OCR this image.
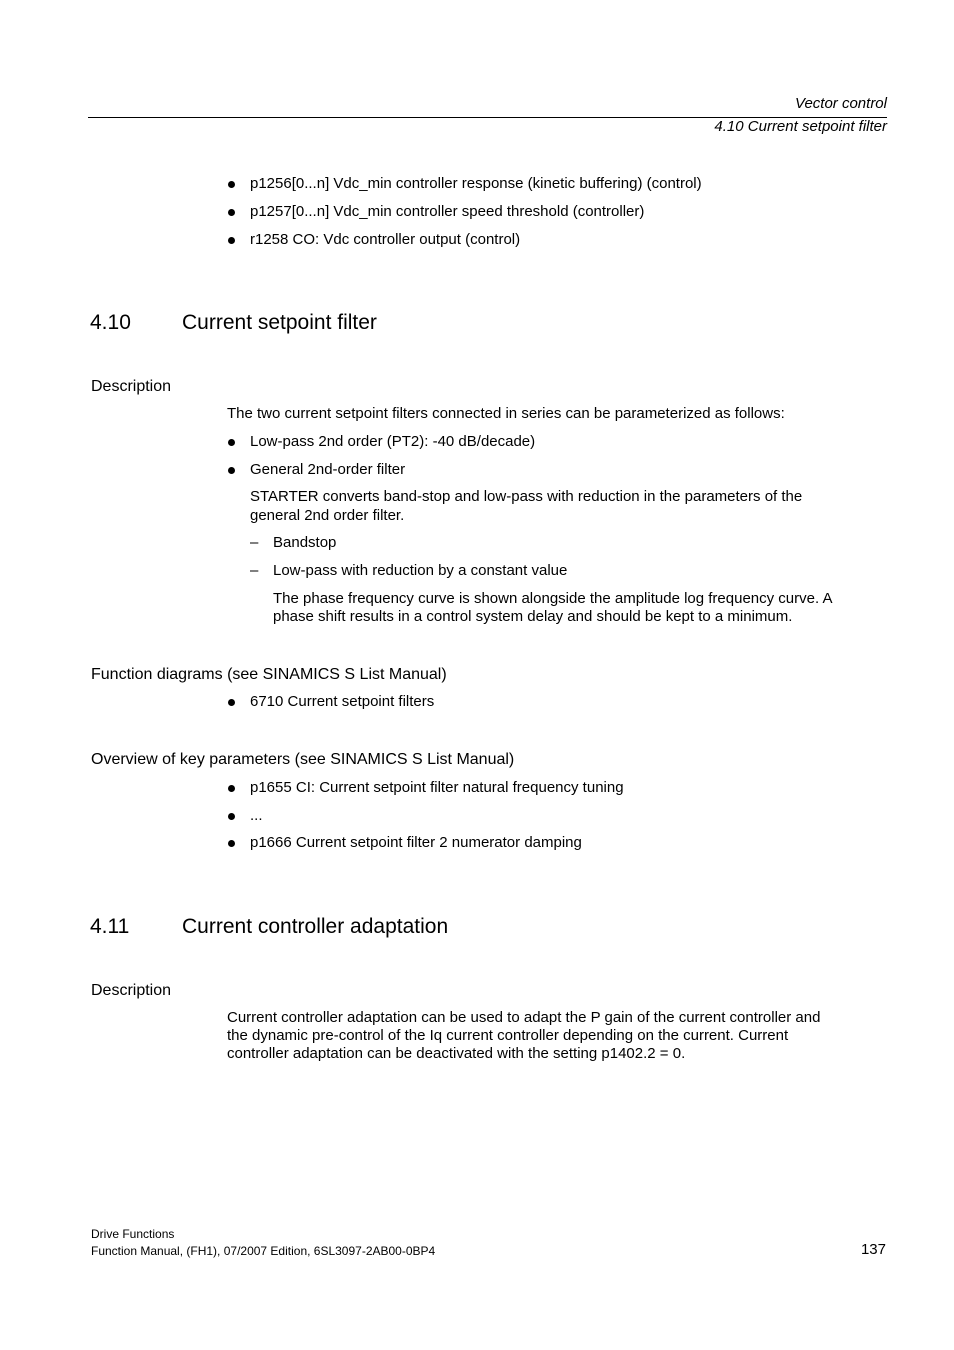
Vector control
4.10 Current setpoint filter
p1256[0...n] Vdc_min controller response (kinetic buffering) (control)
p1257[0...n] Vdc_min controller speed threshold (controller)
r1258 CO: Vdc controller output (control)
4.10 Current setpoint filter
Description
The two current setpoint filters connected in series can be parameterized as follows:
Low-pass 2nd order (PT2): -40 dB/decade)
General 2nd-order filter
STARTER converts band-stop and low-pass with reduction in the parameters of the
general 2nd order filter.
– Bandstop
– Low-pass with reduction by a constant value
The phase frequency curve is shown alongside the amplitude log frequency curve. A
phase shift results in a control system delay and should be kept to a minimum.
Function diagrams (see SINAMICS S List Manual)
6710 Current setpoint filters
Overview of key parameters (see SINAMICS S List Manual)
p1655 CI: Current setpoint filter natural frequency tuning
...
p1666 Current setpoint filter 2 numerator damping
4.11	Current controller adaptation
Description
Current controller adaptation can be used to adapt the P gain of the current controller and
the dynamic pre-control of the Iq current controller depending on the current. Current
controller adaptation can be deactivated with the setting p1402.2 = 0.
Drive Functions
Function Manual, (FH1), 07/2007 Edition, 6SL3097-2AB00-0BP4	137
